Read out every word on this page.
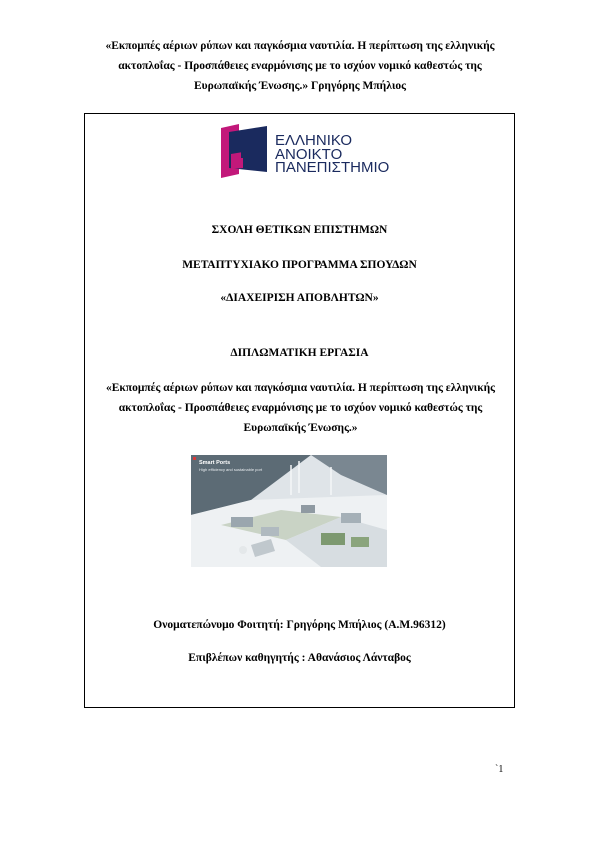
«Εκπομπές αέριων ρύπων και παγκόσμια ναυτιλία. Η περίπτωση της ελληνικής
ακτοπλοΐας - Προσπάθειες εναρμόνισης με το ισχύον νομικό καθεστώς της
Ευρωπαϊκής Ένωσης.» Γρηγόρης Μπήλιος
ΕΛΛΗΝΙΚΟ
ΑΝΟΙΚΤΟ
ΠΑΝΕΠΙΣΤΗΜΙΟ
ΣΧΟΛΗ ΘΕΤΙΚΩΝ ΕΠΙΣΤΗΜΩΝ
ΜΕΤΑΠΤΥΧΙΑΚΟ ΠΡΟΓΡΑΜΜΑ ΣΠΟΥΔΩΝ
«ΔΙΑΧΕΙΡΙΣΗ ΑΠΟΒΛΗΤΩΝ»
ΔΙΠΛΩΜΑΤΙΚΗ ΕΡΓΑΣΙΑ
«Εκπομπές αέριων ρύπων και παγκόσμια ναυτιλία. Η περίπτωση της ελληνικής
ακτοπλοΐας - Προσπάθειες εναρμόνισης με το ισχύον νομικό καθεστώς της
Ευρωπαϊκής Ένωσης.»
Smart Ports
High efficiency and sustainable port
Ονοματεπώνυμο Φοιτητή: Γρηγόρης Μπήλιος (Α.Μ.96312)
Επιβλέπων καθηγητής : Αθανάσιος Λάνταβος
`1
